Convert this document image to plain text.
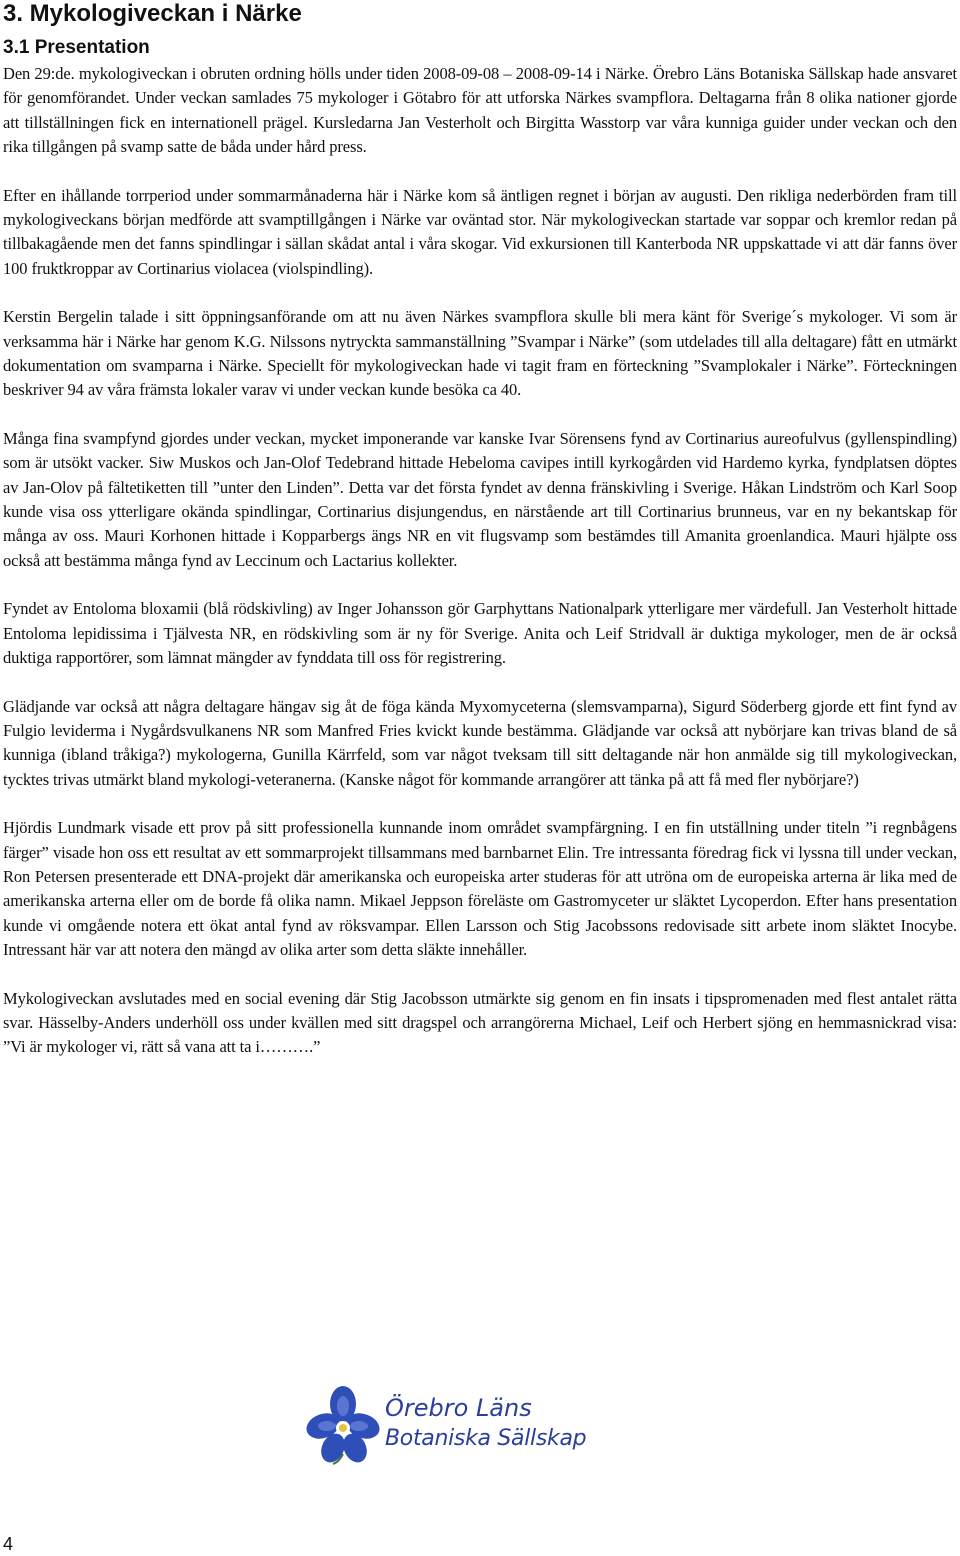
3. Mykologiveckan i Närke
3.1 Presentation

Den 29:de. mykologiveckan i obruten ordning hölls under tiden 2008-09-08 – 2008-09-14 i Närke. Örebro Läns Botaniska Sällskap hade ansvaret för genomförandet. Under veckan samlades 75 mykologer i Götabro för att utforska Närkes svampflora. Deltagarna från 8 olika nationer gjorde att tillställningen fick en internationell prägel. Kursledarna Jan Vesterholt och Birgitta Wasstorp var våra kunniga guider under veckan och den rika tillgången på svamp satte de båda under hård press.

Efter en ihållande torrperiod under sommarmånaderna här i Närke kom så äntligen regnet i början av augusti. Den rikliga nederbörden fram till mykologiveckans början medförde att svamptillgången i Närke var oväntad stor. När mykologiveckan startade var soppar och kremlor redan på tillbakagående men det fanns spindlingar i sällan skådat antal i våra skogar. Vid exkursionen till Kanterboda NR uppskattade vi att där fanns över 100 fruktkroppar av Cortinarius violacea (violspindling).

Kerstin Bergelin talade i sitt öppningsanförande om att nu även Närkes svampflora skulle bli mera känt för Sverige´s mykologer. Vi som är verksamma här i Närke har genom K.G. Nilssons nytryckta sammanställning ”Svampar i Närke” (som utdelades till alla deltagare) fått en utmärkt dokumentation om svamparna i Närke. Speciellt för mykologiveckan hade vi tagit fram en förteckning ”Svamplokaler i Närke”. Förteckningen beskriver 94 av våra främsta lokaler varav vi under veckan kunde besöka ca 40.

Många fina svampfynd gjordes under veckan, mycket imponerande var kanske Ivar Sörensens fynd av Cortinarius aureofulvus (gyllenspindling) som är utsökt vacker. Siw Muskos och Jan-Olof Tedebrand hittade Hebeloma cavipes intill kyrkogården vid Hardemo kyrka, fyndplatsen döptes av Jan-Olov på fältetiketten till ”unter den Linden”. Detta var det första fyndet av denna fränskivling i Sverige. Håkan Lindström och Karl Soop kunde visa oss ytterligare okända spindlingar, Cortinarius disjungendus, en närstående art till Cortinarius brunneus, var en ny bekantskap för många av oss. Mauri Korhonen hittade i Kopparbergs ängs NR en vit flugsvamp som bestämdes till Amanita groenlandica. Mauri hjälpte oss också att bestämma många fynd av Leccinum och Lactarius kollekter.

Fyndet av Entoloma bloxamii (blå rödskivling) av Inger Johansson gör Garphyttans Nationalpark ytterligare mer värdefull. Jan Vesterholt hittade Entoloma lepidissima i Tjälvesta NR, en rödskivling som är ny för Sverige. Anita och Leif Stridvall är duktiga mykologer, men de är också duktiga rapportörer, som lämnat mängder av fynddata till oss för registrering.

Glädjande var också att några deltagare hängav sig åt de föga kända Myxomyceterna (slemsvamparna), Sigurd Söderberg gjorde ett fint fynd av Fulgio leviderma i Nygårdsvulkanens NR som Manfred Fries kvickt kunde bestämma. Glädjande var också att nybörjare kan trivas bland de så kunniga (ibland tråkiga?) mykologerna, Gunilla Kärrfeld, som var något tveksam till sitt deltagande när hon anmälde sig till mykologiveckan, tycktes trivas utmärkt bland mykologi-veteranerna. (Kanske något för kommande arrangörer att tänka på att få med fler nybörjare?)

Hjördis Lundmark visade ett prov på sitt professionella kunnande inom området svampfärgning. I en fin utställning under titeln ”i regnbågens färger” visade hon oss ett resultat av ett sommarprojekt tillsammans med barnbarnet Elin. Tre intressanta föredrag fick vi lyssna till under veckan, Ron Petersen presenterade ett DNA-projekt där amerikanska och europeiska arter studeras för att utröna om de europeiska arterna är lika med de amerikanska arterna eller om de borde få olika namn. Mikael Jeppson föreläste om Gastromyceter ur släktet Lycoperdon. Efter hans presentation kunde vi omgående notera ett ökat antal fynd av röksvampar. Ellen Larsson och Stig Jacobssons redovisade sitt arbete inom släktet Inocybe. Intressant här var att notera den mängd av olika arter som detta släkte innehåller.

Mykologiveckan avslutades med en social evening där Stig Jacobsson utmärkte sig genom en fin insats i tipspromenaden med flest antalet rätta svar. Hässelby-Anders underhöll oss under kvällen med sitt dragspel och arrangörerna Michael, Leif och Herbert sjöng en hemmasnickrad visa: ”Vi är mykologer vi, rätt så vana att ta i……….”

Örebro Läns
Botaniska Sällskap
4
